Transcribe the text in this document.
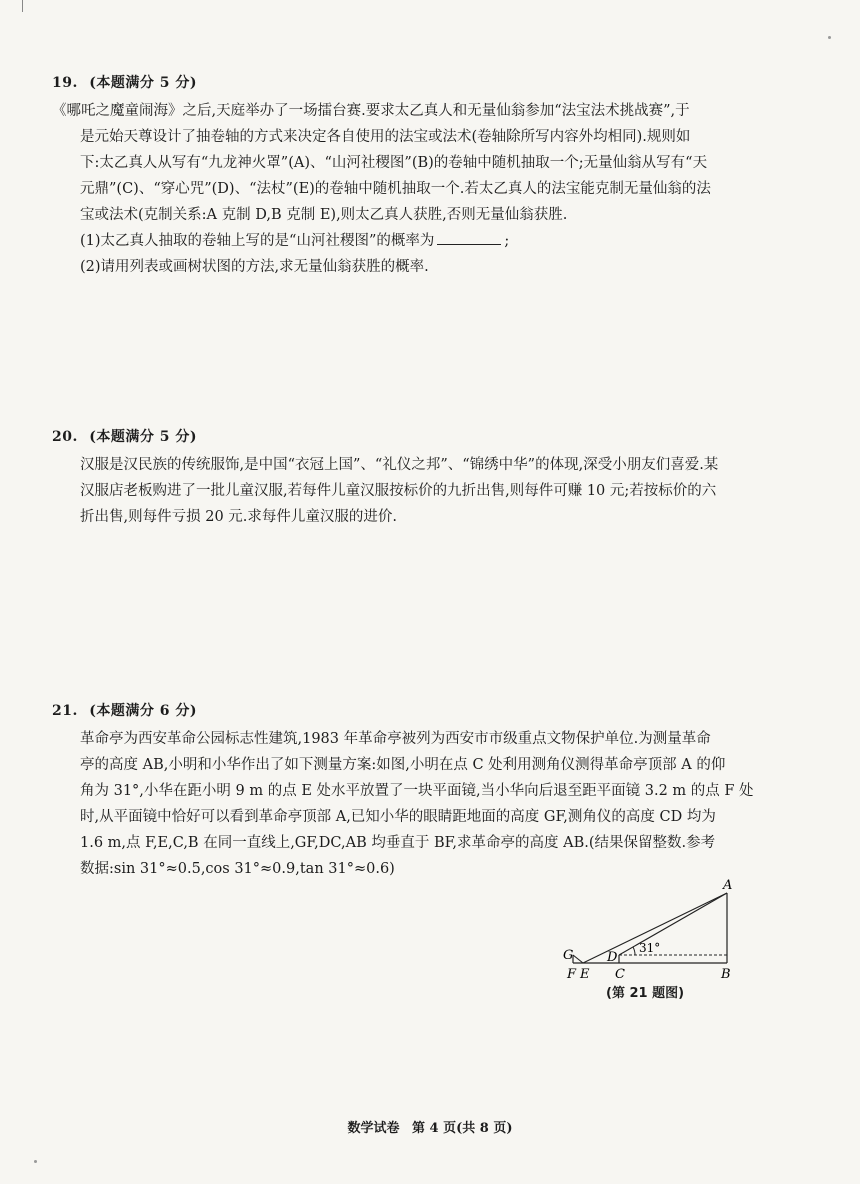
19. (本题满分 5 分)
《哪吒之魔童闹海》之后,天庭举办了一场擂台赛.要求太乙真人和无量仙翁参加“法宝法术挑战赛”,于
是元始天尊设计了抽卷轴的方式来决定各自使用的法宝或法术(卷轴除所写内容外均相同).规则如
下:太乙真人从写有“九龙神火罩”(A)、“山河社稷图”(B)的卷轴中随机抽取一个;无量仙翁从写有“天
元鼎”(C)、“穿心咒”(D)、“法杖”(E)的卷轴中随机抽取一个.若太乙真人的法宝能克制无量仙翁的法
宝或法术(克制关系:A 克制 D,B 克制 E),则太乙真人获胜,否则无量仙翁获胜.
(1)太乙真人抽取的卷轴上写的是“山河社稷图”的概率为	;
(2)请用列表或画树状图的方法,求无量仙翁获胜的概率.
20. (本题满分 5 分)
汉服是汉民族的传统服饰,是中国“衣冠上国”、“礼仪之邦”、“锦绣中华”的体现,深受小朋友们喜爱.某
汉服店老板购进了一批儿童汉服,若每件儿童汉服按标价的九折出售,则每件可赚 10 元;若按标价的六
折出售,则每件亏损 20 元.求每件儿童汉服的进价.
21. (本题满分 6 分)
革命亭为西安革命公园标志性建筑,1983 年革命亭被列为西安市市级重点文物保护单位.为测量革命
亭的高度 AB,小明和小华作出了如下测量方案:如图,小明在点 C 处利用测角仪测得革命亭顶部 A 的仰
角为 31°,小华在距小明 9 m 的点 E 处水平放置了一块平面镜,当小华向后退至距平面镜 3.2 m 的点 F 处
时,从平面镜中恰好可以看到革命亭顶部 A,已知小华的眼睛距地面的高度 GF,测角仪的高度 CD 均为
1.6 m,点 F,E,C,B 在同一直线上,GF,DC,AB 均垂直于 BF,求革命亭的高度 AB.(结果保留整数.参考
数据:sin 31°≈0.5,cos 31°≈0.9,tan 31°≈0.6)
31°
A
B
C
D
E
F
G
(第 21 题图)
数学试卷 第 4 页(共 8 页)
